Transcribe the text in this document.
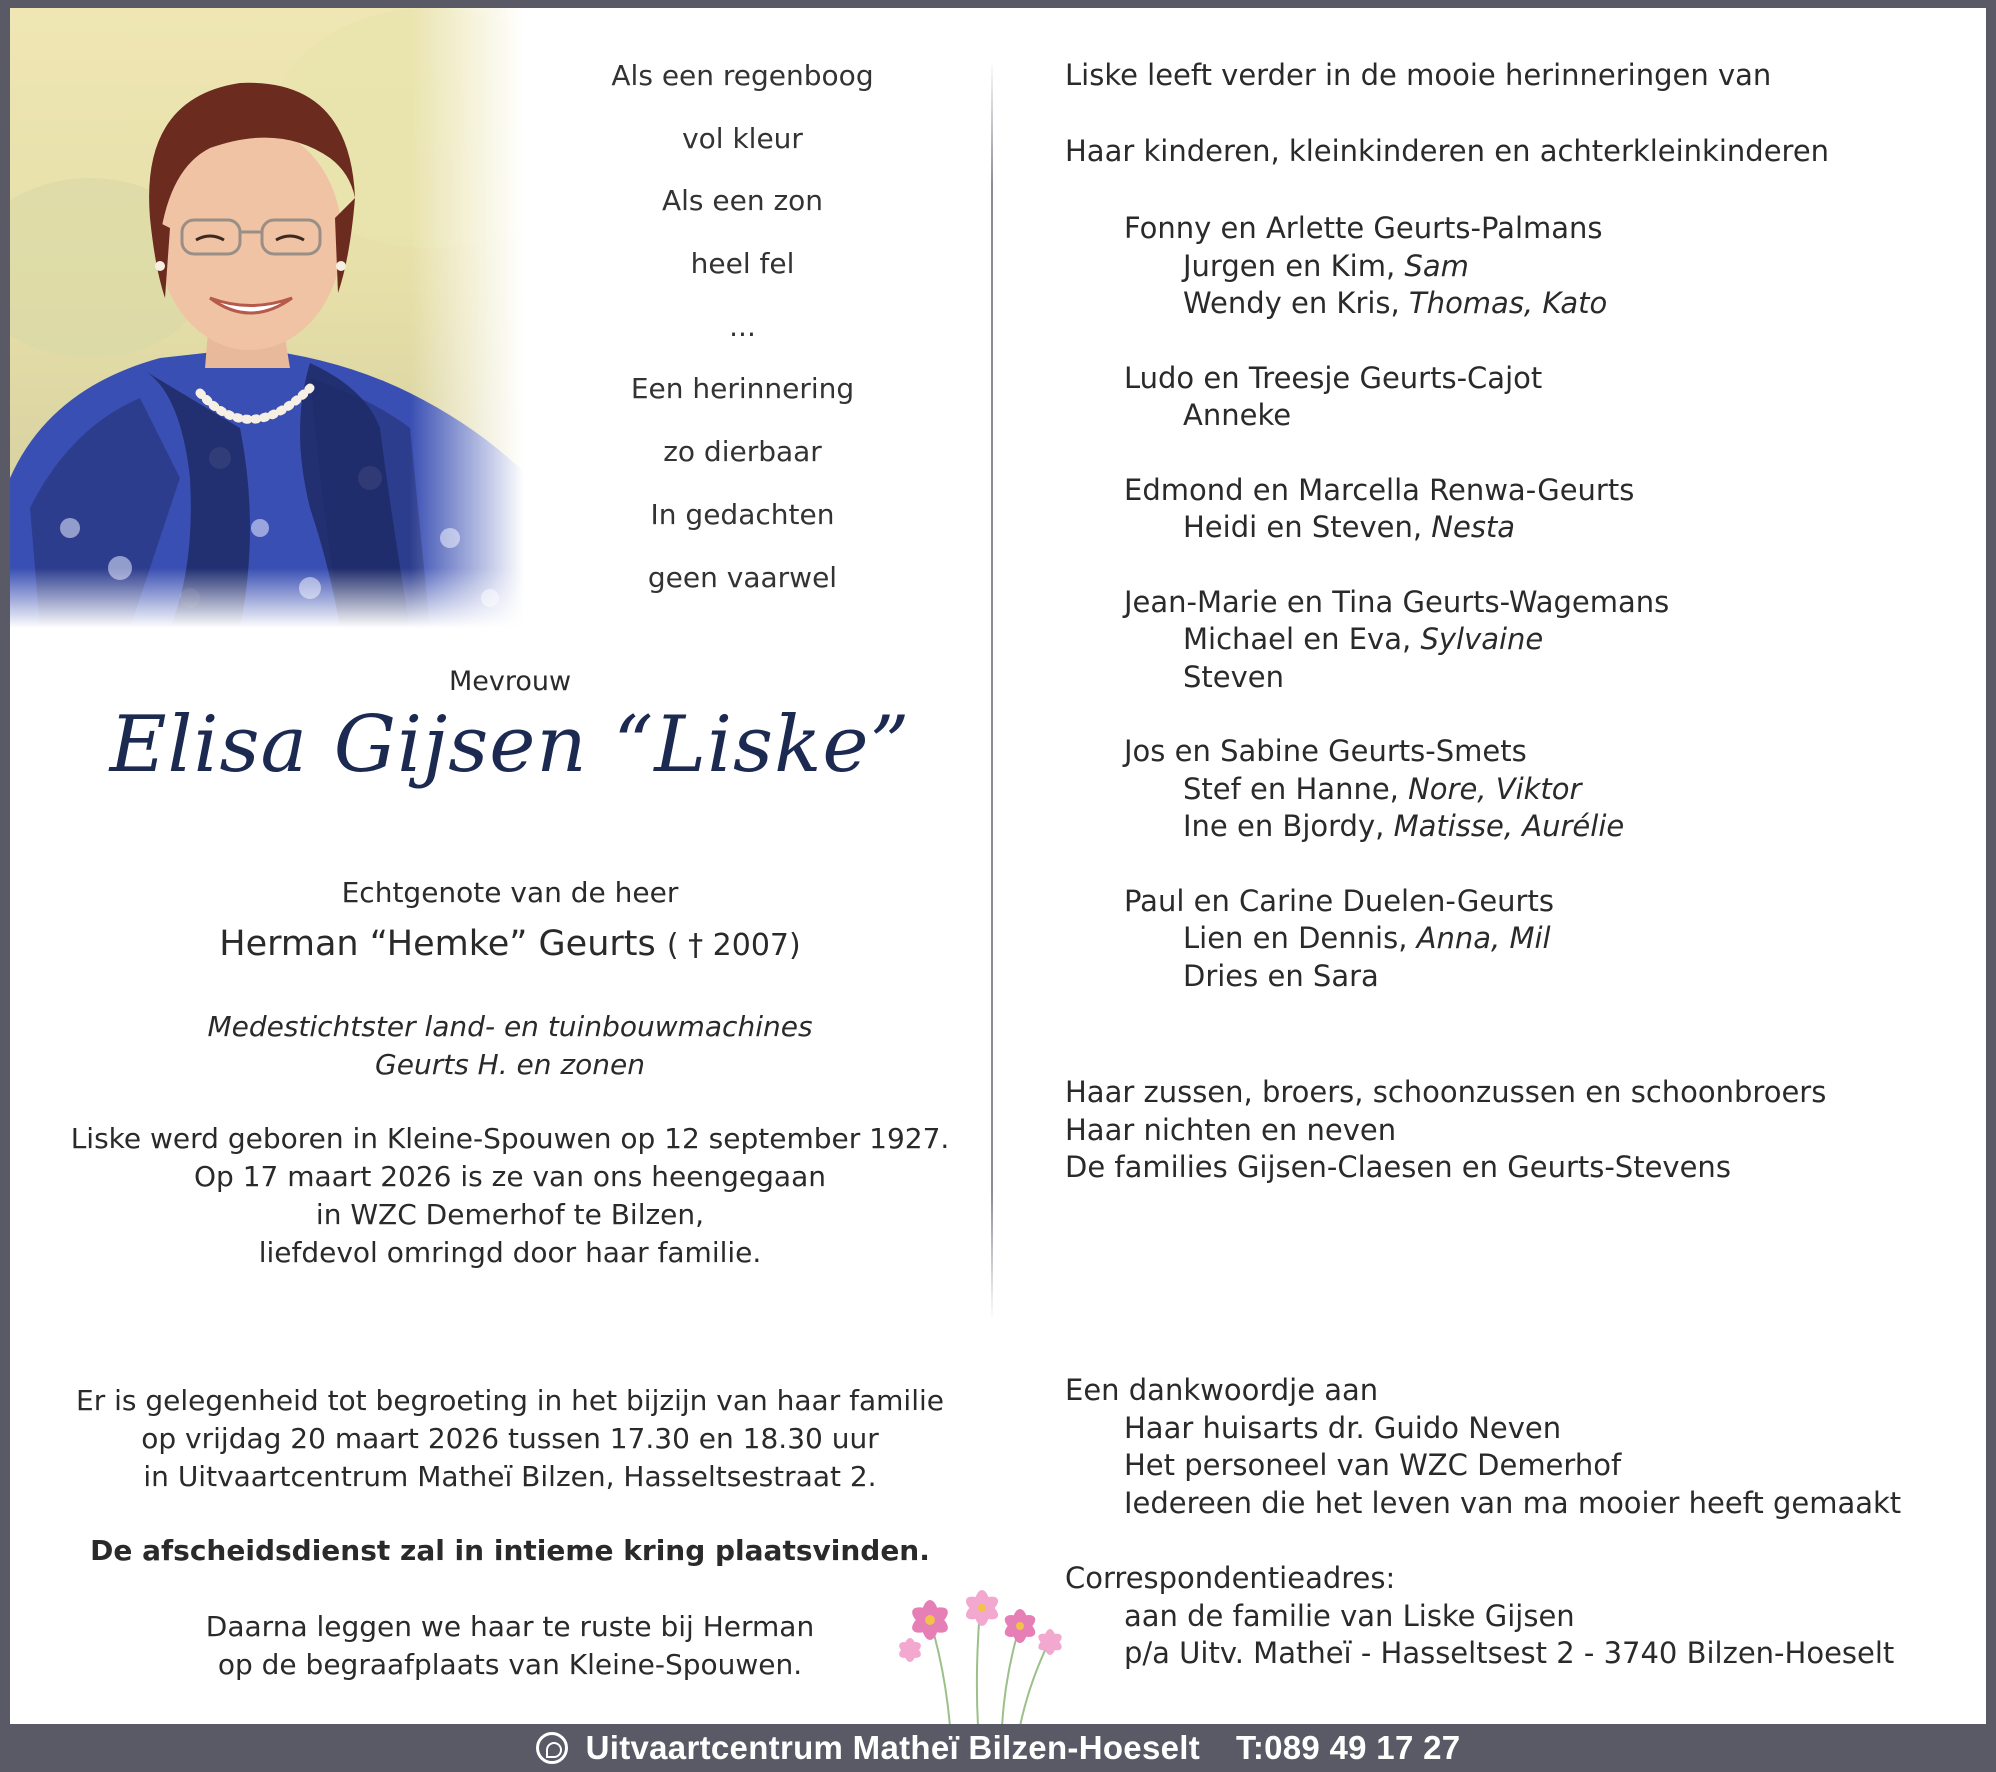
Als een regenboog
vol kleur
Als een zon
heel fel
...
Een herinnering
zo dierbaar
In gedachten
geen vaarwel
Mevrouw
Elisa Gijsen “Liske”
Echtgenote van de heer
Herman “Hemke” Geurts ( † 2007)
Medestichtster land- en tuinbouwmachines
Geurts H. en zonen
Liske werd geboren in Kleine-Spouwen op 12 september 1927.
Op 17 maart 2026 is ze van ons heengegaan
in WZC Demerhof te Bilzen,
liefdevol omringd door haar familie.
Er is gelegenheid tot begroeting in het bijzijn van haar familie
op vrijdag 20 maart 2026 tussen 17.30 en 18.30 uur
in Uitvaartcentrum Matheï Bilzen, Hasseltsestraat 2.
De afscheidsdienst zal in intieme kring plaatsvinden.
Daarna leggen we haar te ruste bij Herman
op de begraafplaats van Kleine-Spouwen.
Liske leeft verder in de mooie herinneringen van
Haar kinderen, kleinkinderen en achterkleinkinderen
Fonny en Arlette Geurts-Palmans
Jurgen en Kim, Sam
Wendy en Kris, Thomas, Kato
Ludo en Treesje Geurts-Cajot
Anneke
Edmond en Marcella Renwa-Geurts
Heidi en Steven, Nesta
Jean-Marie en Tina Geurts-Wagemans
Michael en Eva, Sylvaine
Steven
Jos en Sabine Geurts-Smets
Stef en Hanne, Nore, Viktor
Ine en Bjordy, Matisse, Aurélie
Paul en Carine Duelen-Geurts
Lien en Dennis, Anna, Mil
Dries en Sara
Haar zussen, broers, schoonzussen en schoonbroers
Haar nichten en neven
De families Gijsen-Claesen en Geurts-Stevens
Een dankwoordje aan
Haar huisarts dr. Guido Neven
Het personeel van WZC Demerhof
Iedereen die het leven van ma mooier heeft gemaakt
Correspondentieadres:
aan de familie van Liske Gijsen
p/a Uitv. Matheï - Hasseltsest 2 - 3740 Bilzen-Hoeselt
Uitvaartcentrum Matheï Bilzen-Hoeselt T:089 49 17 27
